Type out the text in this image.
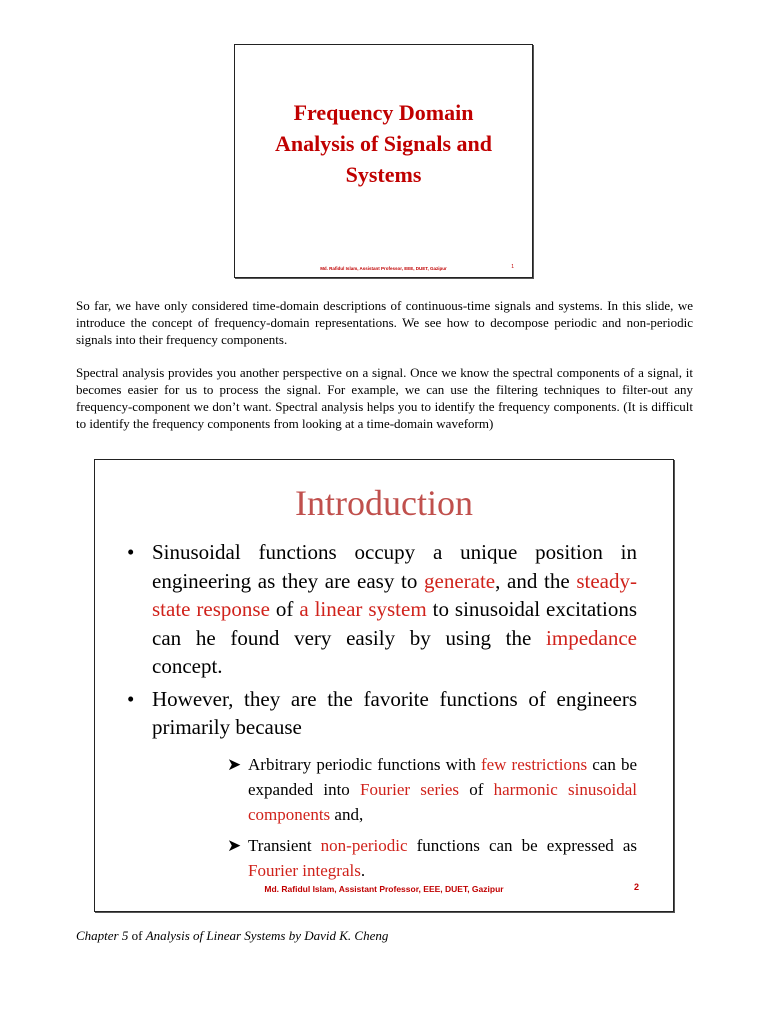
Frequency Domain
Analysis of Signals and
Systems
Md. Rafidul Islam, Assistant Professor, EEE, DUET, Gazipur	1
So far, we have only considered time-domain descriptions of continuous-time signals and systems. In this slide, we introduce the concept of frequency-domain representations. We see how to decompose periodic and non-periodic signals into their frequency components.
Spectral analysis provides you another perspective on a signal. Once we know the spectral components of a signal, it becomes easier for us to process the signal. For example, we can use the filtering techniques to filter-out any frequency-component we don’t want. Spectral analysis helps you to identify the frequency components. (It is difficult to identify the frequency components from looking at a time-domain waveform)
Introduction
• Sinusoidal functions occupy a unique position in engineering as they are easy to generate, and the steady-state response of a linear system to sinusoidal excitations can he found very easily by using the impedance concept.
• However, they are the favorite functions of engineers primarily because
➤ Arbitrary periodic functions with few restrictions can be expanded into Fourier series of harmonic sinusoidal components and,
➤ Transient non-periodic functions can be expressed as Fourier integrals.
Md. Rafidul Islam, Assistant Professor, EEE, DUET, Gazipur	2
Chapter 5 of Analysis of Linear Systems by David K. Cheng
